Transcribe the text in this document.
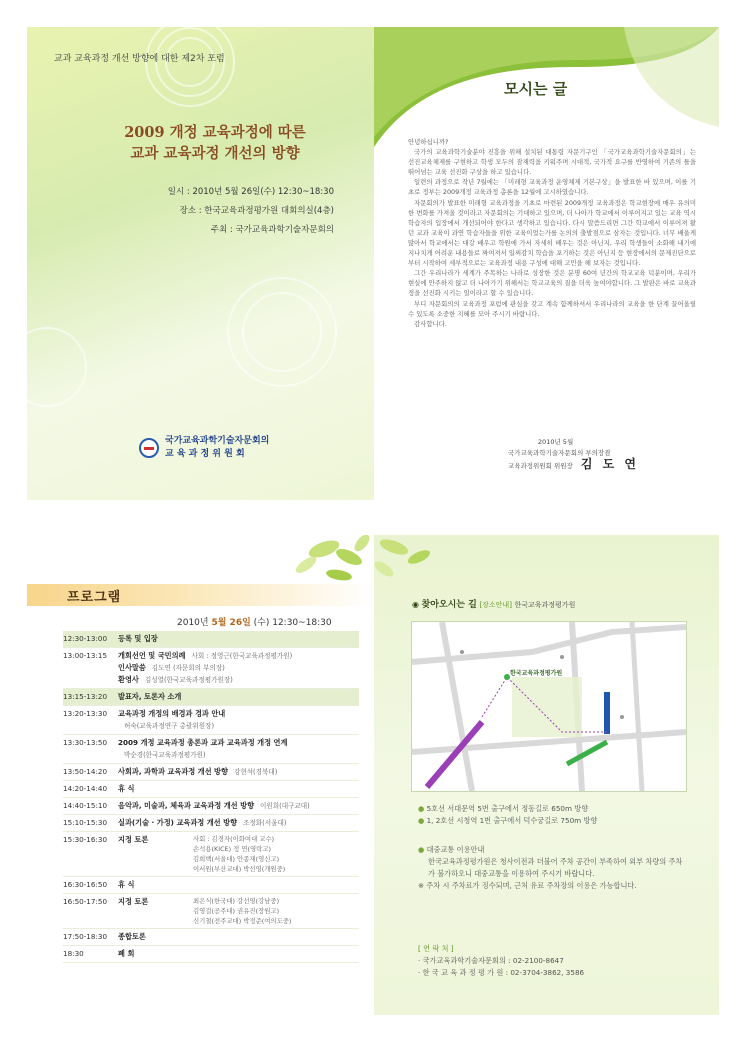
교과 교육과정 개선 방향에 대한 제2차 포럼
2009 개정 교육과정에 따른
교과 교육과정 개선의 방향
일시 : 2010년 5월 26일(수) 12:30~18:30
장소 : 한국교육과정평가원 대회의실(4층)
주최 : 국가교육과학기술자문회의
국가교육과학기술자문회의
교 육 과 정 위 원 회
모시는 글

안녕하십니까?

국가의 교육과학기술분야 진흥을 위해 설치된 대통령 자문기구인 「국가교육과학기술자문회의」는 선진교육체제를 구현하고 학생 모두의 잠재력을 키워주며 시대적, 국가적 요구를 반영하여 기존의 틀을 뛰어넘는 교육 선진화 구상을 하고 있습니다.

일련의 과정으로 작년 7월에는 「미래형 교육과정 운영체제 기본구상」을 발표한 바 있으며, 이를 기초로 정부는 2009개정 교육과정 총론을 12월에 고시하였습니다.

자문회의가 발표한 미래형 교육과정을 기초로 마련된 2009개정 교육과정은 학교현장에 매우 유의미한 변화를 가져올 것이라고 자문회의는 기대하고 있으며, 더 나아가 학교에서 이루어지고 있는 교육 역시 학습자의 입장에서 개선되어야 한다고 생각하고 있습니다. 다시 말씀드리면 그간 학교에서 이루어져 왔던 교과 교육이 과연 학습자들을 위한 교육이었는가를 논의의 출발점으로 삼자는 것입니다. 너무 배울게 많아서 학교에서는 대강 배우고 학원에 가서 자세히 배우는 것은 아닌지, 우리 학생들이 소화해 내기에 지나치게 어려운 내용들로 짜여져서 일찌감치 학습을 포기하는 것은 아닌지 등 현장에서의 문제진단으로부터 시작하여 세부적으로는 교육과정 내용 구성에 대해 고민을 해 보자는 것입니다.

그간 우리나라가 세계가 주목하는 나라로 성장한 것은 분명 60여 년간의 학교교육 덕분이며, 우리가 현실에 안주하지 않고 더 나아가기 위해서는 학교교육의 질을 더욱 높여야합니다. 그 발판은 바로 교육과정을 선진화 시키는 일이라고 할 수 있습니다.

부디 자문회의의 교육과정 포럼에 관심을 갖고 계속 함께하셔서 우리나라의 교육을 한 단계 끌어올릴 수 있도록 소중한 지혜를 모아 주시기 바랍니다.

감사합니다.

2010년 5월
국가교육과학기술자문회의 부의장겸
교육과정위원회 위원장 김 도 연
프로그램
2010년 5월 26일 (수) 12:30~18:30
12:30-13:00	등록 및 입장
13:00-13:15	개회선언 및 국민의례 사회 : 정영근(한국교육과정평가원)
인사말씀 김도연 (자문회의 부의장)
환영사 김성열(한국교육과정평가원장)
13:15-13:20	발표자, 토론자 소개
13:20-13:30	교육과정 개정의 배경과 경과 안내
허숙(교육과정연구 총괄위원장)
13:30-13:50	2009 개정 교육과정 총론과 교과 교육과정 개정 연계
박순경(한국교육과정평가원)
13:50-14:20	사회과, 과학과 교육과정 개선 방향 강현석(경북대)
14:20-14:40	휴 식
14:40-15:10	음악과, 미술과, 체육과 교육과정 개선 방향 이원희(대구교대)
15:10-15:30	실과(기술 · 가정) 교육과정 개선 방향 조정화(서울대)
15:30-16:30	지정 토론	사회 : 김경자(이화여대 교수)
손석용(KICE) 정 연(영락고)
김희백(서울대) 안종재(영신고)
이서원(부산교대) 박선영(개원중)
16:30-16:50	휴 식
16:50-17:50	지정 토론	최은식(한국대) 강선영(강남중)
김영걸(공주대) 권유진(장원고)
신기철(전주교대) 박정준(여의도중)
17:50-18:30	종합토론
18:30	폐 회
◉ 찾아오시는 길 [장소안내] 한국교육과정평가원
한국교육과정평가원
● 5호선 서대문역 5번 출구에서 정동길로 650m 방향
● 1, 2호선 시청역 1번 출구에서 덕수궁길로 750m 방향
● 대중교통 이용안내
한국교육과정평가원은 청사이전과 더불어 주차 공간이 부족하여 외부 차량의 주차가 불가하오니 대중교통을 이용하여 주시기 바랍니다.
※ 주차 시 주차료가 징수되며, 근처 유료 주차장의 이용은 가능합니다.
[ 연 락 처 ]
· 국가교육과학기술자문회의 : 02-2100-8647
· 한 국 교 육 과 정 평 가 원 : 02-3704-3862, 3586
